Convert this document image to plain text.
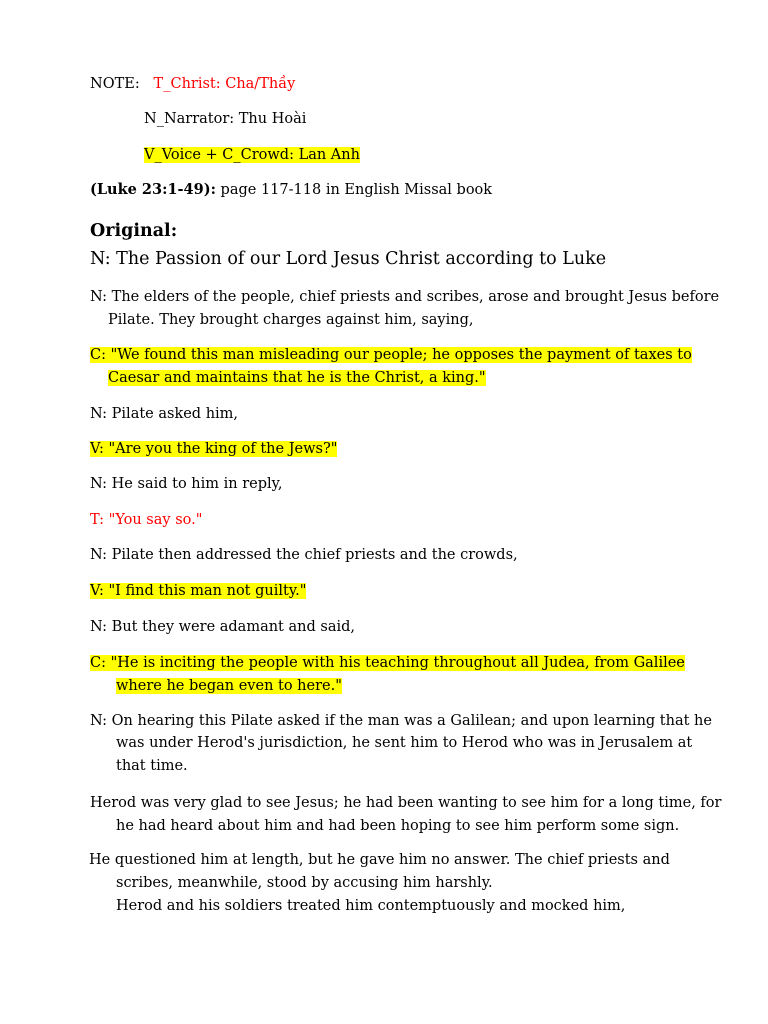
NOTE: T_Christ: Cha/Thầy
N_Narrator: Thu Hoài
V_Voice + C_Crowd: Lan Anh
(Luke 23:1-49): page 117-118 in English Missal book
Original:
N: The Passion of our Lord Jesus Christ according to Luke
N: The elders of the people, chief priests and scribes, arose and brought Jesus before
Pilate. They brought charges against him, saying,
C: "We found this man misleading our people; he opposes the payment of taxes to
Caesar and maintains that he is the Christ, a king."
N: Pilate asked him,
V: "Are you the king of the Jews?"
N: He said to him in reply,
T: "You say so."
N: Pilate then addressed the chief priests and the crowds,
V: "I find this man not guilty."
N: But they were adamant and said,
C: "He is inciting the people with his teaching throughout all Judea, from Galilee
where he began even to here."
N: On hearing this Pilate asked if the man was a Galilean; and upon learning that he
was under Herod's jurisdiction, he sent him to Herod who was in Jerusalem at
that time.
Herod was very glad to see Jesus; he had been wanting to see him for a long time, for
he had heard about him and had been hoping to see him perform some sign.
He questioned him at length, but he gave him no answer. The chief priests and
scribes, meanwhile, stood by accusing him harshly.
Herod and his soldiers treated him contemptuously and mocked him,
